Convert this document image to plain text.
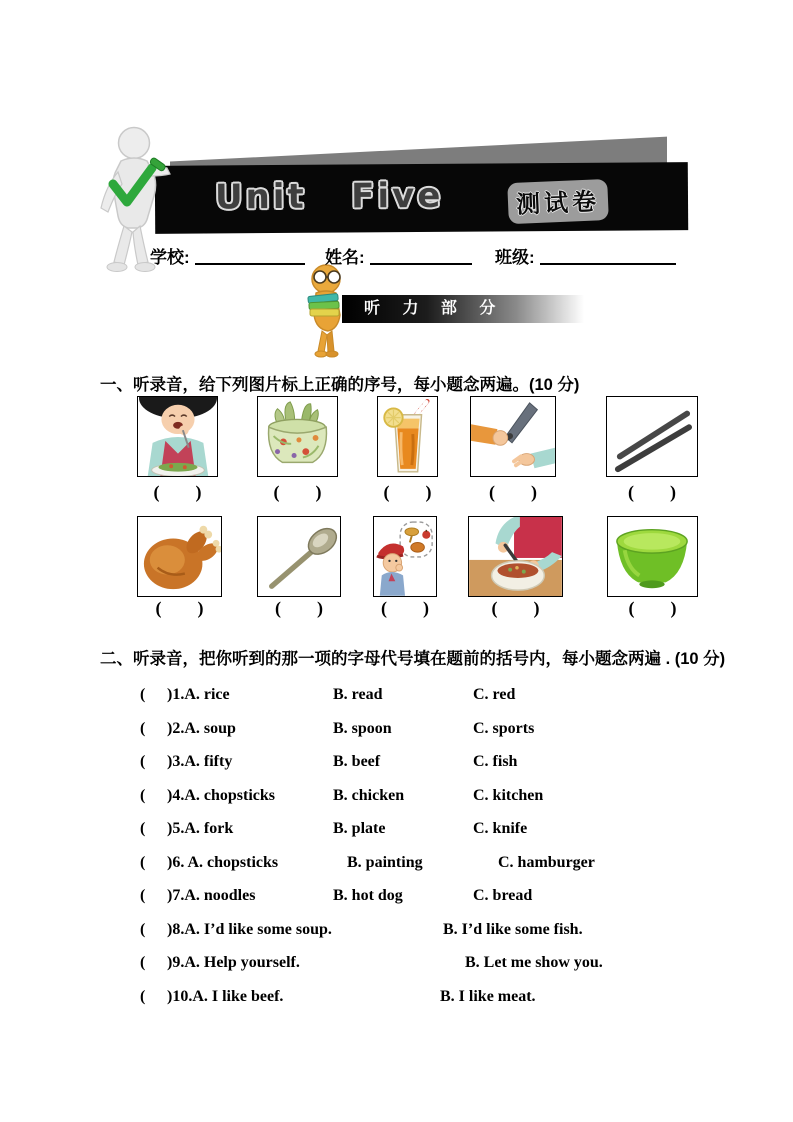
Unit   Five	测试卷
学校:	姓名:	班级:
听 力 部 分
一、听录音，给下列图片标上正确的序号，每小题念两遍。(10 分)
(        )	(        )	(        )	(        )	(        )
(        )	(        )	(        )	(        )	(        )
二、听录音，把你听到的那一项的字母代号填在题前的括号内，每小题念两遍 . (10 分)
( )1.A. rice	B. read	C. red
( )2.A. soup	B. spoon	C. sports
( )3.A. fifty	B. beef	C. fish
( )4.A. chopsticks	B. chicken	C. kitchen
( )5.A. fork	B. plate	C. knife
( )6. A. chopsticks	B. painting	C. hamburger
( )7.A. noodles	B. hot dog	C. bread
( )8.A. I’d like some soup.	B. I’d like some fish.
( )9.A. Help yourself.	B. Let me show you.
( )10.A. I like beef.	B. I like meat.
